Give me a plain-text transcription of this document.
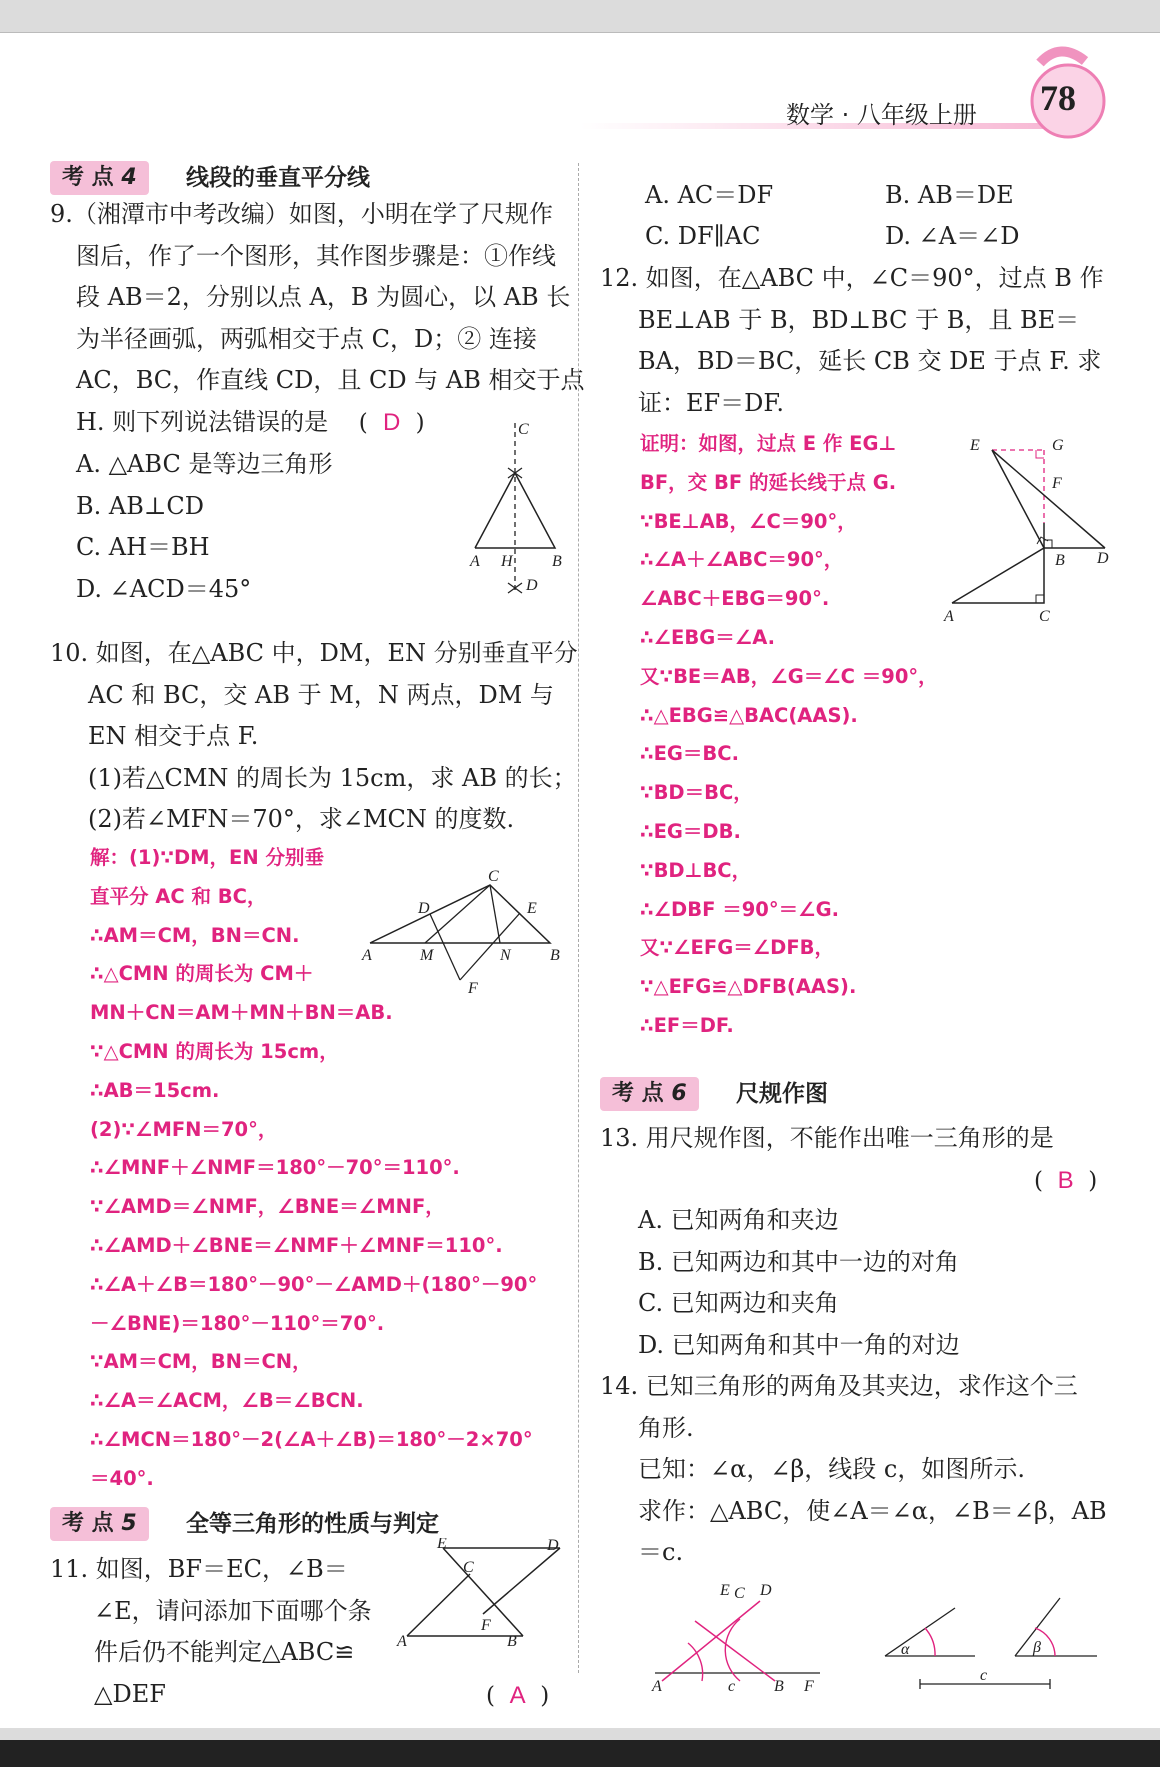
数学 · 八年级上册 78
考 点 4	线段的垂直平分线
9.（湘潭市中考改编）如图，小明在学了尺规作
图后，作了一个图形，其作图步骤是：①作线
段 AB＝2，分别以点 A，B 为圆心，以 AB 长
为半径画弧，两弧相交于点 C，D；② 连接
AC，BC，作直线 CD，且 CD 与 AB 相交于点
H. 则下列说法错误的是 ( D )
A. △ABC 是等边三角形
B. AB⊥CD
C. AH＝BH
D. ∠ACD＝45°
C
A H B
D
10. 如图，在△ABC 中，DM，EN 分别垂直平分
AC 和 BC，交 AB 于 M，N 两点，DM 与
EN 相交于点 F.
(1)若△CMN 的周长为 15cm，求 AB 的长；
(2)若∠MFN＝70°，求∠MCN 的度数.
解：(1)∵DM，EN 分别垂
直平分 AC 和 BC，
∴AM＝CM，BN＝CN.
∴△CMN 的周长为 CM＋
MN＋CN＝AM＋MN＋BN＝AB.
∵△CMN 的周长为 15cm，
∴AB＝15cm.
(2)∵∠MFN＝70°，
∴∠MNF＋∠NMF＝180°－70°＝110°.
∵∠AMD＝∠NMF，∠BNE＝∠MNF，
∴∠AMD＋∠BNE＝∠NMF＋∠MNF＝110°.
∴∠A＋∠B＝180°－90°－∠AMD＋(180°－90°
－∠BNE)＝180°－110°＝70°.
∵AM＝CM，BN＝CN，
∴∠A＝∠ACM，∠B＝∠BCN.
∴∠MCN＝180°－2(∠A＋∠B)＝180°－2×70°
＝40°.
C
D	E
A	M	N B
F
考 点 5	全等三角形的性质与判定
11. 如图，BF＝EC，∠B＝
∠E，请问添加下面哪个条
件后仍不能判定△ABC≌
△DEF	( A )
E	D
C
F
A	B
A. AC＝DF	B. AB＝DE
C. DF∥AC	D. ∠A＝∠D
12. 如图，在△ABC 中，∠C＝90°，过点 B 作
BE⊥AB 于 B，BD⊥BC 于 B，且 BE＝
BA，BD＝BC，延长 CB 交 DE 于点 F. 求
证：EF＝DF.
证明：如图，过点 E 作 EG⊥
BF，交 BF 的延长线于点 G.
∵BE⊥AB，∠C＝90°，
∴∠A＋∠ABC＝90°，
∠ABC＋EBG＝90°.
∴∠EBG＝∠A.
又∵BE＝AB，∠G＝∠C ＝90°，
∴△EBG≌△BAC(AAS).
∴EG＝BC.
∵BD＝BC，
∴EG＝DB.
∵BD⊥BC，
∴∠DBF ＝90°＝∠G.
又∵∠EFG＝∠DFB，
∵△EFG≌△DFB(AAS).
∴EF＝DF.
E	G
F
B D
A	C
考 点 6	尺规作图
13. 用尺规作图，不能作出唯一三角形的是
( B )
A. 已知两角和夹边
B. 已知两边和其中一边的对角
C. 已知两边和夹角
D. 已知两角和其中一角的对边
14. 已知三角形的两角及其夹边，求作这个三
角形.
已知：∠α，∠β，线段 c，如图所示.
求作：△ABC，使∠A＝∠α，∠B＝∠β，AB
＝c.
E C D
A	c B F
α	β
c
